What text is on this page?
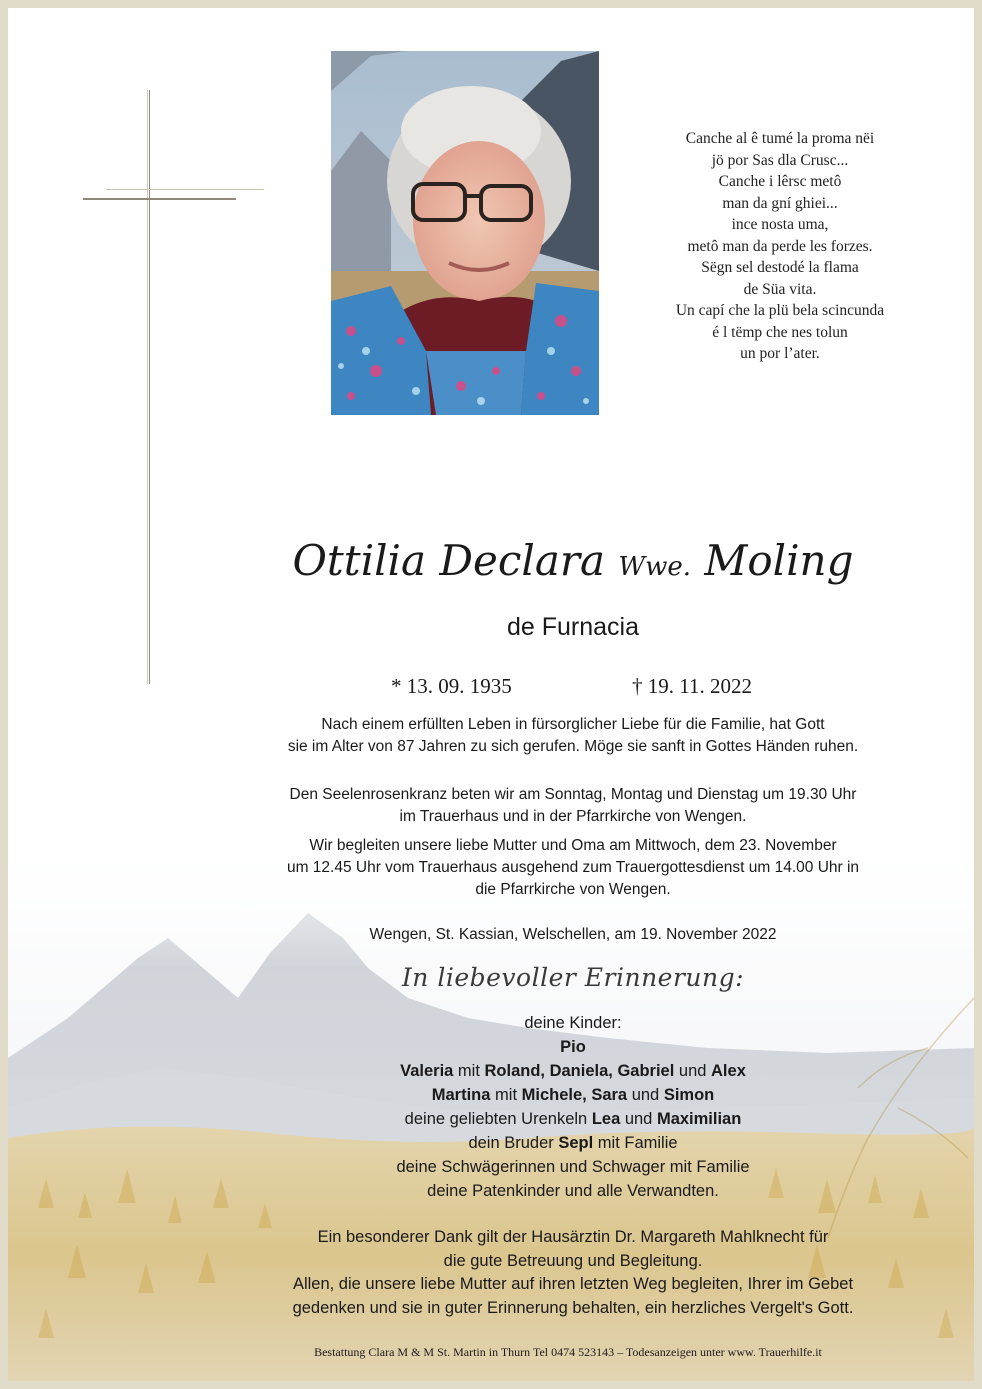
Canche al ê tumé la proma nëi
jö por Sas dla Crusc...
Canche i lêrsc metô
man da gní ghiei...
ince nosta uma,
metô man da perde les forzes.
Sëgn sel destodé la flama
de Süa vita.
Un capí che la plü bela scincunda
é l tëmp che nes tolun
un por l’ater.
Ottilia Declara Wwe. Moling
de Furnacia
* 13. 09. 1935	† 19. 11. 2022
Nach einem erfüllten Leben in fürsorglicher Liebe für die Familie, hat Gott
sie im Alter von 87 Jahren zu sich gerufen. Möge sie sanft in Gottes Händen ruhen.
Den Seelenrosenkranz beten wir am Sonntag, Montag und Dienstag um 19.30 Uhr
im Trauerhaus und in der Pfarrkirche von Wengen.
Wir begleiten unsere liebe Mutter und Oma am Mittwoch, dem 23. November
um 12.45 Uhr vom Trauerhaus ausgehend zum Trauergottesdienst um 14.00 Uhr in
die Pfarrkirche von Wengen.
Wengen, St. Kassian, Welschellen, am 19. November 2022
In liebevoller Erinnerung:
deine Kinder:
Pio
Valeria mit Roland, Daniela, Gabriel und Alex
Martina mit Michele, Sara und Simon
deine geliebten Urenkeln Lea und Maximilian
dein Bruder Sepl mit Familie
deine Schwägerinnen und Schwager mit Familie
deine Patenkinder und alle Verwandten.
Ein besonderer Dank gilt der Hausärztin Dr. Margareth Mahlknecht für
die gute Betreuung und Begleitung.
Allen, die unsere liebe Mutter auf ihren letzten Weg begleiten, Ihrer im Gebet
gedenken und sie in guter Erinnerung behalten, ein herzliches Vergelt's Gott.
Bestattung Clara M & M St. Martin in Thurn Tel 0474 523143 – Todesanzeigen unter www. Trauerhilfe.it
